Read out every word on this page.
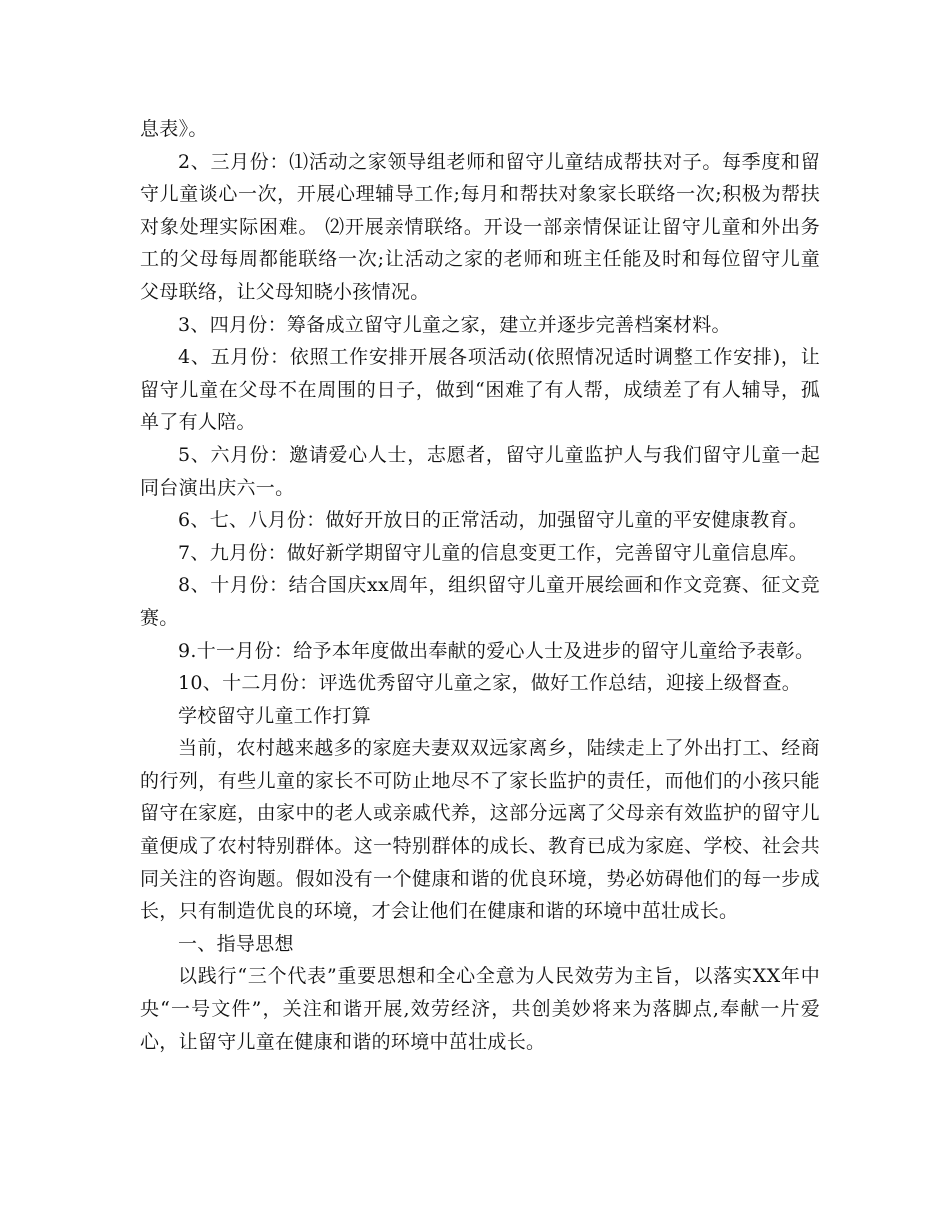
息表》。

2、三月份：⑴活动之家领导组老师和留守儿童结成帮扶对子。每季度和留守儿童谈心一次，开展心理辅导工作;每月和帮扶对象家长联络一次;积极为帮扶对象处理实际困难。 ⑵开展亲情联络。开设一部亲情保证让留守儿童和外出务工的父母每周都能联络一次;让活动之家的老师和班主任能及时和每位留守儿童父母联络，让父母知晓小孩情况。

3、四月份：筹备成立留守儿童之家，建立并逐步完善档案材料。

4、五月份：依照工作安排开展各项活动(依照情况适时调整工作安排)，让留守儿童在父母不在周围的日子，做到“困难了有人帮，成绩差了有人辅导，孤单了有人陪。

5、六月份：邀请爱心人士，志愿者，留守儿童监护人与我们留守儿童一起同台演出庆六一。

6、七、八月份：做好开放日的正常活动，加强留守儿童的平安健康教育。

7、九月份：做好新学期留守儿童的信息变更工作，完善留守儿童信息库。

8、十月份：结合国庆xx周年，组织留守儿童开展绘画和作文竞赛、征文竞赛。

9.十一月份：给予本年度做出奉献的爱心人士及进步的留守儿童给予表彰。

10、十二月份：评选优秀留守儿童之家，做好工作总结，迎接上级督查。

学校留守儿童工作打算

当前，农村越来越多的家庭夫妻双双远家离乡，陆续走上了外出打工、经商的行列，有些儿童的家长不可防止地尽不了家长监护的责任，而他们的小孩只能留守在家庭，由家中的老人或亲戚代养，这部分远离了父母亲有效监护的留守儿童便成了农村特别群体。这一特别群体的成长、教育已成为家庭、学校、社会共同关注的咨询题。假如没有一个健康和谐的优良环境，势必妨碍他们的每一步成长，只有制造优良的环境，才会让他们在健康和谐的环境中茁壮成长。

一、指导思想

以践行“三个代表”重要思想和全心全意为人民效劳为主旨，以落实XX年中央“一号文件”，关注和谐开展,效劳经济，共创美妙将来为落脚点,奉献一片爱心，让留守儿童在健康和谐的环境中茁壮成长。
